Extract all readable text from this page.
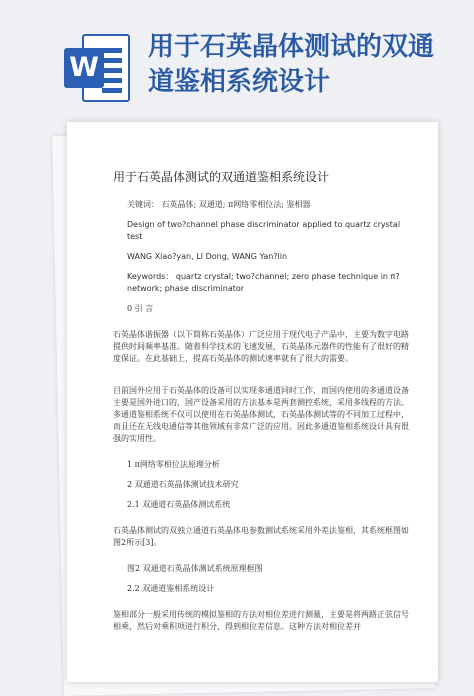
W
用于石英晶体测试的双通道鉴相系统设计
用于石英晶体测试的双通道鉴相系统设计

关键词： 石英晶体; 双通道; π网络零相位法; 鉴相器

Design of two?channel phase discriminator applied to quartz crystal test

WANG Xiao?yan, LI Dong, WANG Yan?lin

Keywords： quartz crystal; two?channel; zero phase technique in π?network; phase discriminator

0 引 言

石英晶体谐振器（以下简称石英晶体）广泛应用于现代电子产品中，主要为数字电路提供时间频率基准。随着科学技术的飞速发展，石英晶体元器件的性能有了很好的精度保证。在此基础上，提高石英晶体的测试速率就有了很大的需要。

目前国外应用于石英晶体的设备可以实现多通道同时工作，而国内使用的多通道设备主要是国外进口的，国产设备采用的方法基本是两套测控系统，采用多线程的方法。多通道鉴相系统不仅可以使用在石英晶体测试，石英晶体测试等的不同加工过程中，而且还在无线电通信等其他领域有非常广泛的应用。因此多通道鉴相系统设计具有很强的实用性。

1 π网络零相位法原理分析

2 双通道石英晶体测试技术研究

2.1 双通道石英晶体测试系统

石英晶体测试的双独立通道石英晶体电参数测试系统采用外差法鉴相，其系统框图如图2所示[3]。

图2 双通道石英晶体测试系统原理框图

2.2 双通道鉴相系统设计

鉴相部分一般采用传统的模拟鉴相的方法对相位差进行测量，主要是将两路正弦信号相乘，然后对乘积项进行积分，得到相位差信息。这种方法对相位差并
